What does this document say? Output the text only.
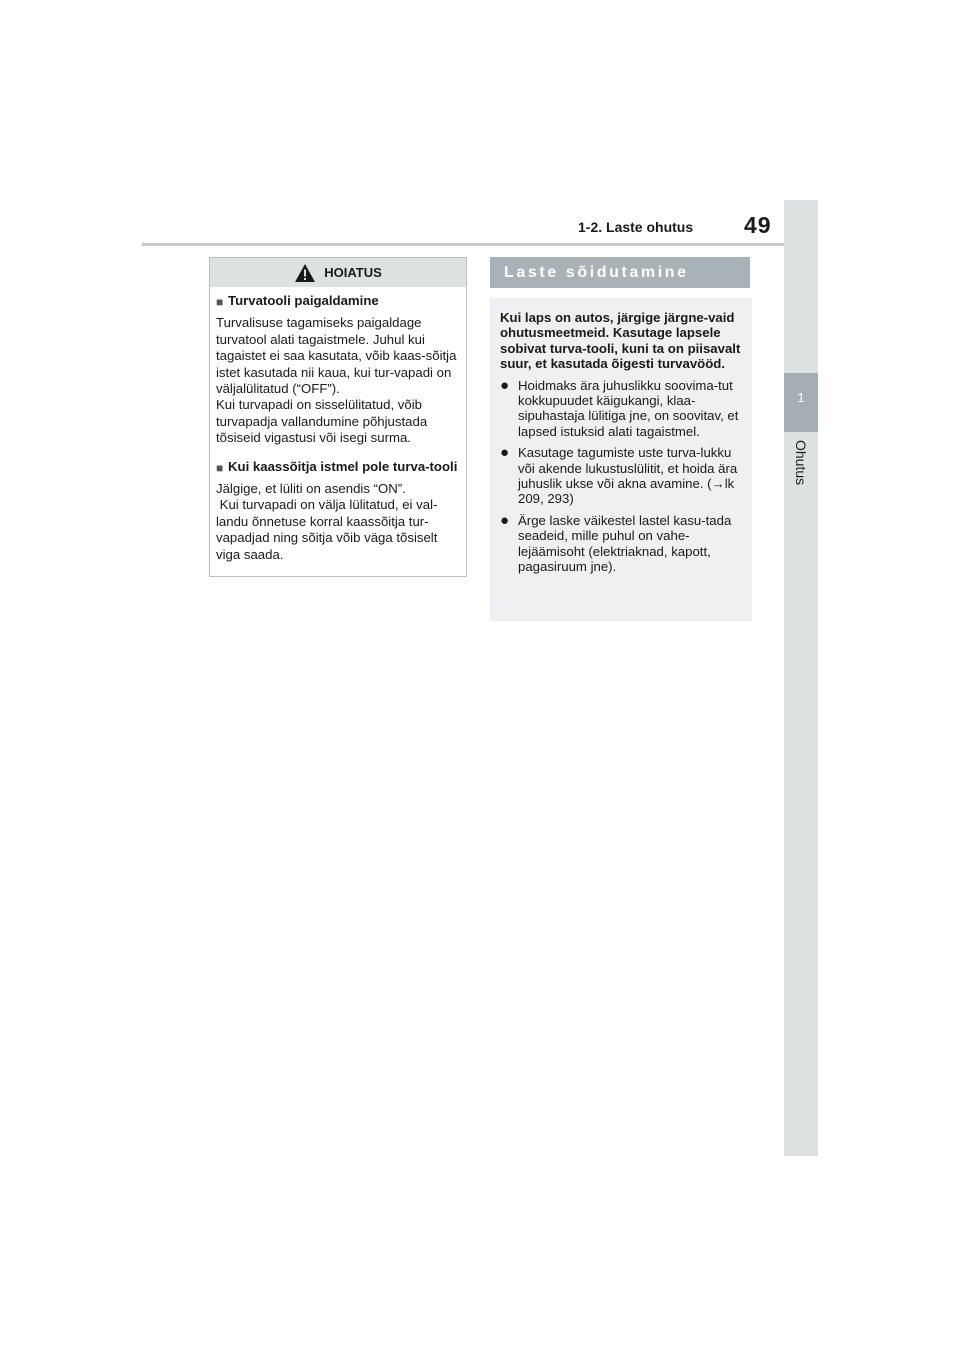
1
Ohutus
1-2. Laste ohutus 49
HOIATUS
■ Turvatooli paigaldamine

Turvalisuse tagamiseks paigaldage turvatool alati tagaistmele. Juhul kui tagaistet ei saa kasutata, võib kaas-sõitja istet kasutada nii kaua, kui tur-vapadi on väljalülitatud (“OFF”).

Kui turvapadi on sisselülitatud, võib turvapadja vallandumine põhjustada tõsiseid vigastusi või isegi surma.

■ Kui kaassõitja istmel pole turva-tooli

Jälgige, et lüliti on asendis “ON”.

Kui turvapadi on välja lülitatud, ei val-landu õnnetuse korral kaassõitja tur-vapadjad ning sõitja võib väga tõsiselt viga saada.

Laste sõidutamine

Kui laps on autos, järgige järgne-vaid ohutusmeetmeid. Kasutage lapsele sobivat turva-tooli, kuni ta on piisavalt suur, et kasutada õigesti turvavööd.

● Hoidmaks ära juhuslikku soovima-tut kokkupuudet käigukangi, klaa-sipuhastaja lülitiga jne, on soovitav, et lapsed istuksid alati tagaistmel.
● Kasutage tagumiste uste turva-lukku või akende lukustuslülitit, et hoida ära juhuslik ukse või akna avamine. (→lk 209, 293)
● Ärge laske väikestel lastel kasu-tada seadeid, mille puhul on vahe-lejäämisoht (elektriaknad, kapott, pagasiruum jne).
